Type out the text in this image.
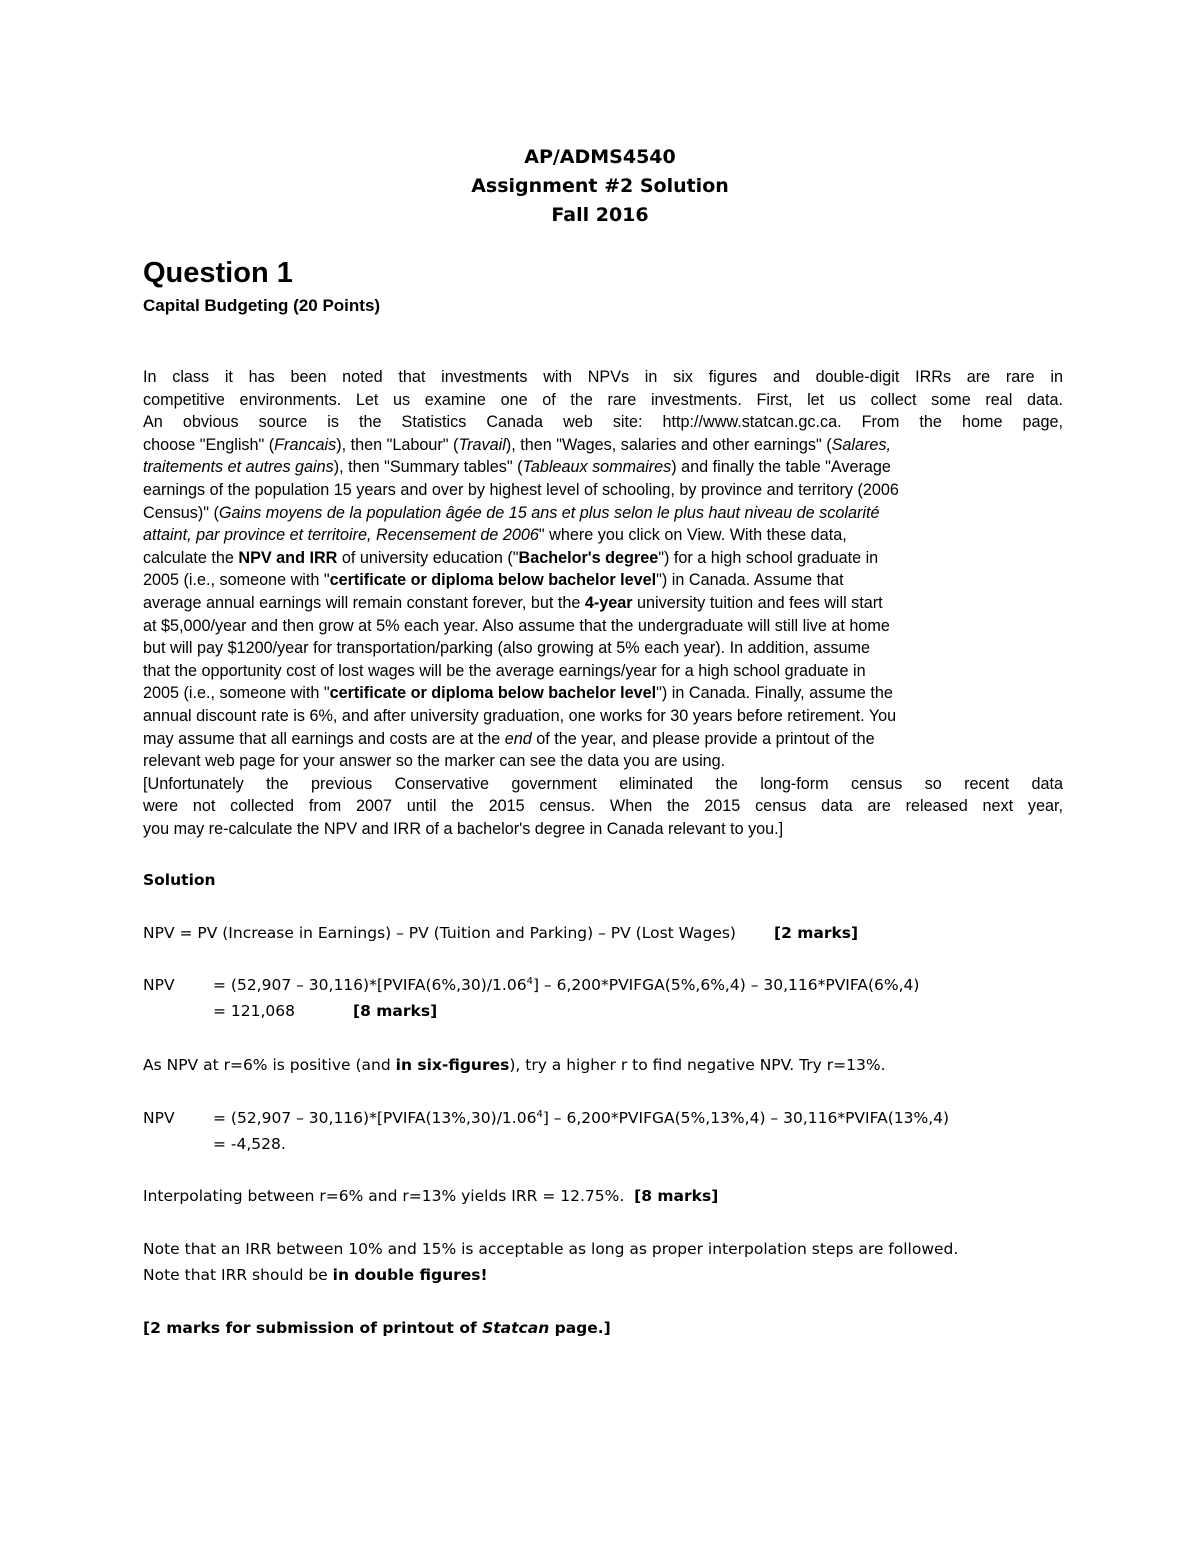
AP/ADMS4540
Assignment #2 Solution
Fall 2016
Question 1
Capital Budgeting (20 Points)
In class it has been noted that investments with NPVs in six figures and double-digit IRRs are rare in
competitive environments. Let us examine one of the rare investments. First, let us collect some real data.
An obvious source is the Statistics Canada web site: http://www.statcan.gc.ca. From the home page,
choose "English" (Francais), then "Labour" (Travail), then "Wages, salaries and other earnings" (Salares,
traitements et autres gains), then "Summary tables" (Tableaux sommaires) and finally the table "Average
earnings of the population 15 years and over by highest level of schooling, by province and territory (2006
Census)" (Gains moyens de la population âgée de 15 ans et plus selon le plus haut niveau de scolarité
attaint, par province et territoire, Recensement de 2006" where you click on View. With these data,
calculate the NPV and IRR of university education ("Bachelor's degree") for a high school graduate in
2005 (i.e., someone with "certificate or diploma below bachelor level") in Canada. Assume that
average annual earnings will remain constant forever, but the 4-year university tuition and fees will start
at $5,000/year and then grow at 5% each year. Also assume that the undergraduate will still live at home
but will pay $1200/year for transportation/parking (also growing at 5% each year). In addition, assume
that the opportunity cost of lost wages will be the average earnings/year for a high school graduate in
2005 (i.e., someone with "certificate or diploma below bachelor level") in Canada. Finally, assume the
annual discount rate is 6%, and after university graduation, one works for 30 years before retirement. You
may assume that all earnings and costs are at the end of the year, and please provide a printout of the
relevant web page for your answer so the marker can see the data you are using.
[Unfortunately the previous Conservative government eliminated the long-form census so recent data
were not collected from 2007 until the 2015 census. When the 2015 census data are released next year,
you may re-calculate the NPV and IRR of a bachelor's degree in Canada relevant to you.]
Solution
NPV = PV (Increase in Earnings) – PV (Tuition and Parking) – PV (Lost Wages) [2 marks]
NPV = (52,907 – 30,116)*[PVIFA(6%,30)/1.06$^4$] – 6,200*PVIFGA(5%,6%,4) – 30,116*PVIFA(6%,4)
= 121,068	[8 marks]
As NPV at r=6% is positive (and in six-figures), try a higher r to find negative NPV. Try r=13%.
NPV = (52,907 – 30,116)*[PVIFA(13%,30)/1.06$^4$] – 6,200*PVIFGA(5%,13%,4) – 30,116*PVIFA(13%,4)
= -4,528.
Interpolating between r=6% and r=13% yields IRR = 12.75%. [8 marks]
Note that an IRR between 10% and 15% is acceptable as long as proper interpolation steps are followed.
Note that IRR should be in double figures!
[2 marks for submission of printout of Statcan page.]
